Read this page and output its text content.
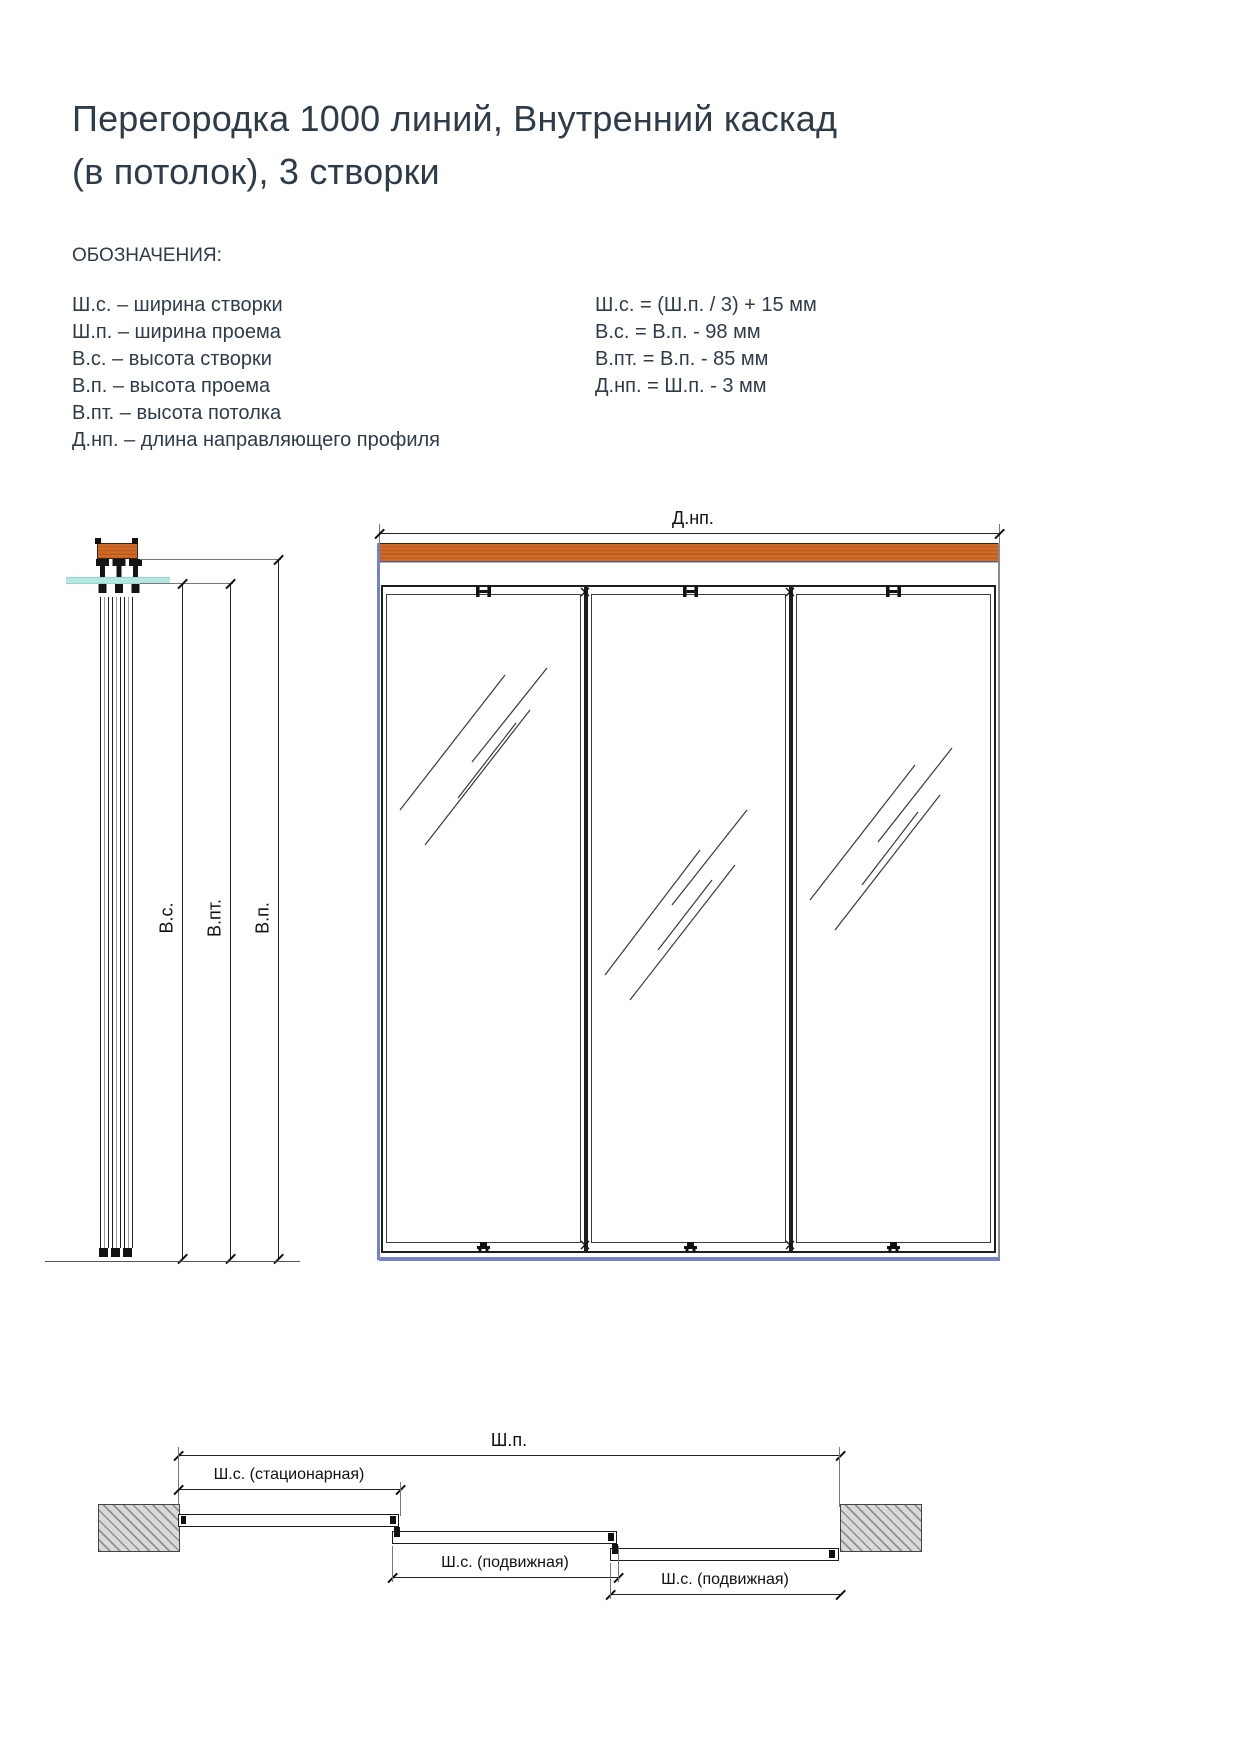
Перегородка 1000 линий, Внутренний каскад
(в потолок), 3 створки
ОБОЗНАЧЕНИЯ:
Ш.с. – ширина створки
Ш.п. – ширина проема
В.с. – высота створки
В.п. – высота проема
В.пт. – высота потолка
Д.нп. – длина направляющего профиля
Ш.с. = (Ш.п. / 3) + 15 мм
В.с. = В.п. - 98 мм
В.пт. = В.п. - 85 мм
Д.нп. = Ш.п. - 3 мм
В.с. В.пт. В.п.
Д.нп.
Ш.п.
Ш.с. (стационарная)
Ш.с. (подвижная)
Ш.с. (подвижная)
